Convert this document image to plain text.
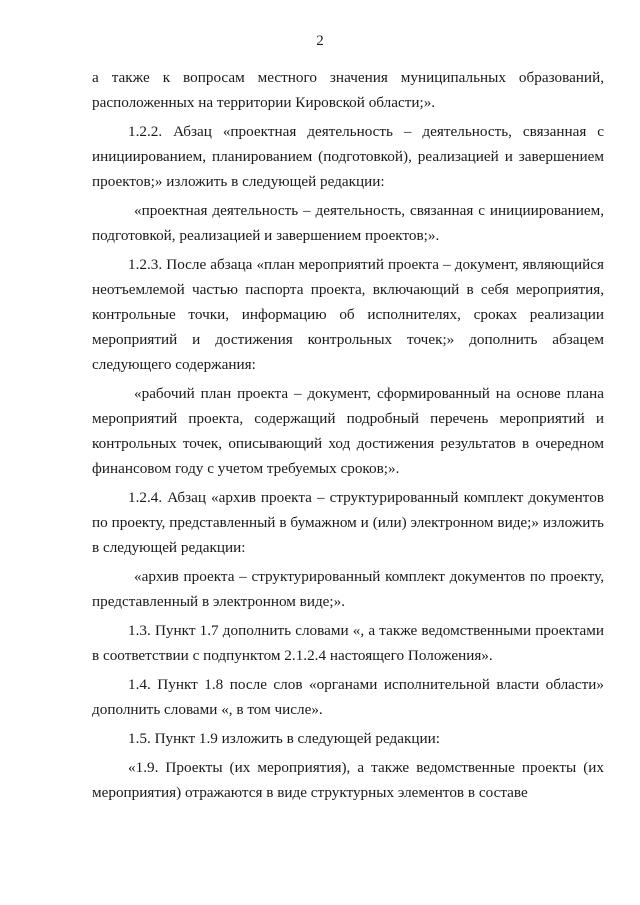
2

а также к вопросам местного значения муниципальных образований, расположенных на территории Кировской области;».

1.2.2. Абзац «проектная деятельность – деятельность, связанная с инициированием, планированием (подготовкой), реализацией и завершением проектов;» изложить в следующей редакции:

«проектная деятельность – деятельность, связанная с инициированием, подготовкой, реализацией и завершением проектов;».

1.2.3. После абзаца «план мероприятий проекта – документ, являющийся неотъемлемой частью паспорта проекта, включающий в себя мероприятия, контрольные точки, информацию об исполнителях, сроках реализации мероприятий и достижения контрольных точек;» дополнить абзацем следующего содержания:

«рабочий план проекта – документ, сформированный на основе плана мероприятий проекта, содержащий подробный перечень мероприятий и контрольных точек, описывающий ход достижения результатов в очередном финансовом году с учетом требуемых сроков;».

1.2.4. Абзац «архив проекта – структурированный комплект документов по проекту, представленный в бумажном и (или) электронном виде;» изложить в следующей редакции:

«архив проекта – структурированный комплект документов по проекту, представленный в электронном виде;».

1.3. Пункт 1.7 дополнить словами «, а также ведомственными проектами в соответствии с подпунктом 2.1.2.4 настоящего Положения».

1.4. Пункт 1.8 после слов «органами исполнительной власти области» дополнить словами «, в том числе».

1.5. Пункт 1.9 изложить в следующей редакции:

«1.9. Проекты (их мероприятия), а также ведомственные проекты (их мероприятия) отражаются в виде структурных элементов в составе
